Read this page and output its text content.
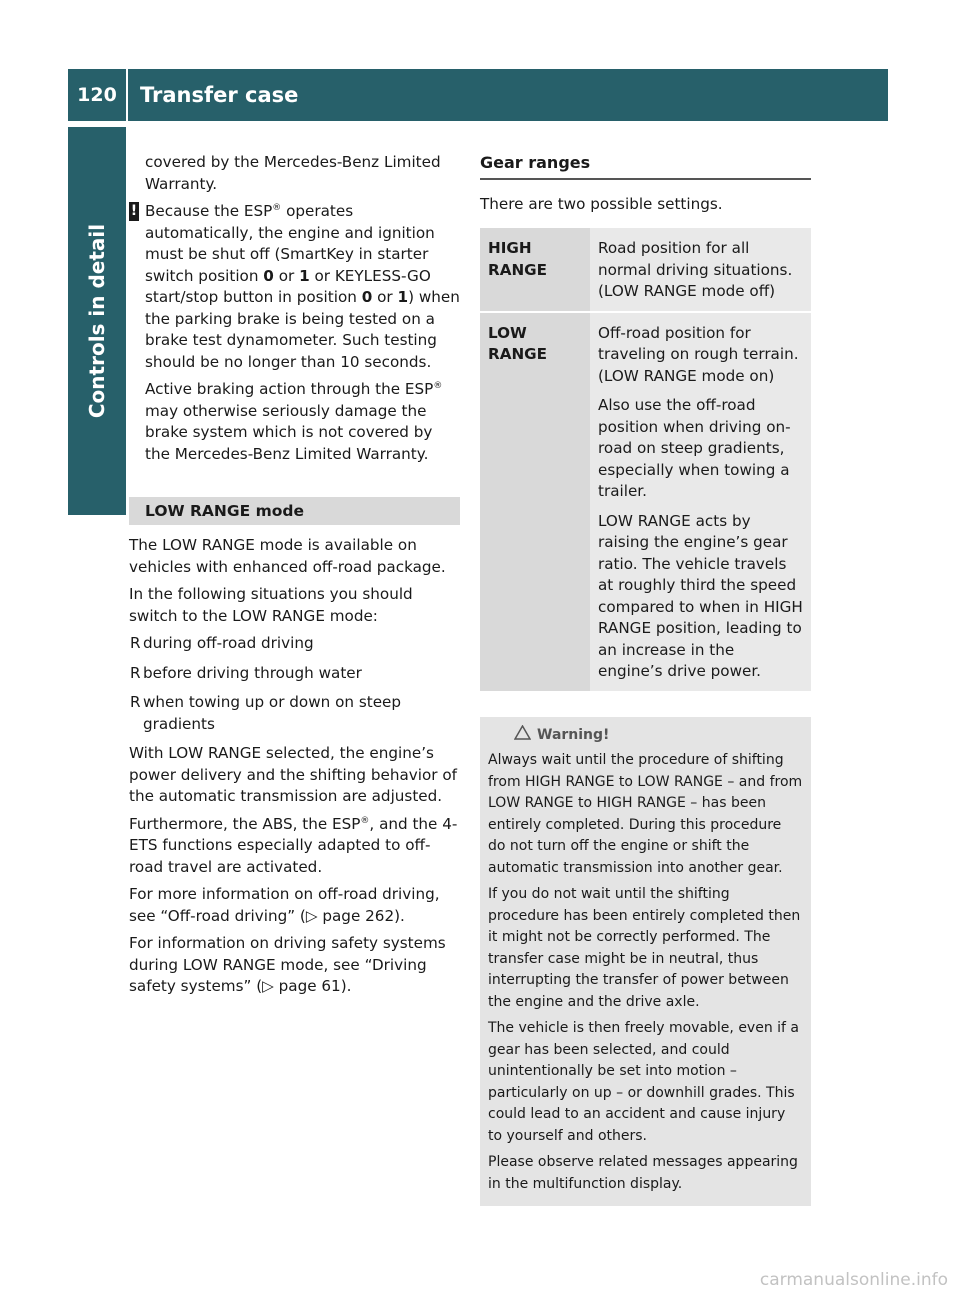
120	Transfer case
Controls in detail

covered by the Mercedes-Benz Limited Warranty.

! Because the ESP® operates automatically, the engine and ignition must be shut off (SmartKey in starter switch position 0 or 1 or KEYLESS-GO start/stop button in position 0 or 1) when the parking brake is being tested on a brake test dynamometer. Such testing should be no longer than 10 seconds.

Active braking action through the ESP® may otherwise seriously damage the brake system which is not covered by the Mercedes-Benz Limited Warranty.

LOW RANGE mode

The LOW RANGE mode is available on vehicles with enhanced off-road package.

In the following situations you should switch to the LOW RANGE mode:

R during off-road driving
R before driving through water
R when towing up or down on steep gradients

With LOW RANGE selected, the engine’s power delivery and the shifting behavior of the automatic transmission are adjusted.

Furthermore, the ABS, the ESP®, and the 4-ETS functions especially adapted to off-road travel are activated.

For more information on off-road driving, see “Off-road driving” (▷ page 262).

For information on driving safety systems during LOW RANGE mode, see “Driving safety systems” (▷ page 61).

Gear ranges

There are two possible settings.

HIGH RANGE	Road position for all normal driving situations.
(LOW RANGE mode off)

LOW RANGE	Off-road position for traveling on rough terrain.
(LOW RANGE mode on)

Also use the off-road position when driving on-road on steep gradients, especially when towing a trailer.

LOW RANGE acts by raising the engine’s gear ratio. The vehicle travels at roughly third the speed compared to when in HIGH RANGE position, leading to an increase in the engine’s drive power.

Warning!

Always wait until the procedure of shifting from HIGH RANGE to LOW RANGE – and from LOW RANGE to HIGH RANGE – has been entirely completed. During this procedure do not turn off the engine or shift the automatic transmission into another gear.

If you do not wait until the shifting procedure has been entirely completed then it might not be correctly performed. The transfer case might be in neutral, thus interrupting the transfer of power between the engine and the drive axle.

The vehicle is then freely movable, even if a gear has been selected, and could unintentionally be set into motion – particularly on up – or downhill grades. This could lead to an accident and cause injury to yourself and others.

Please observe related messages appearing in the multifunction display.

carmanualsonline.info
